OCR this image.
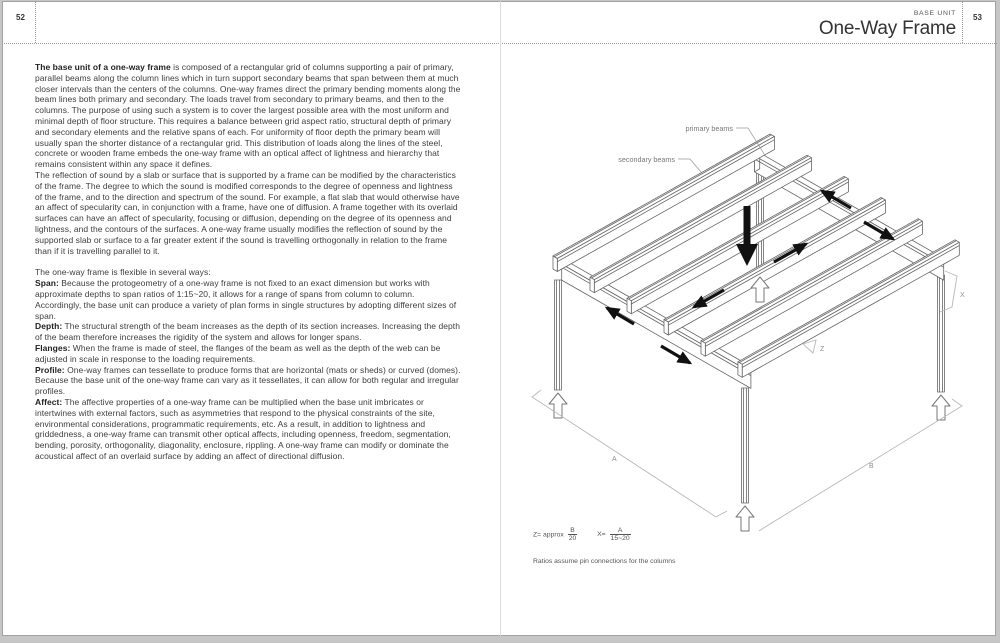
52

The base unit of a one-way frame is composed of a rectangular grid of columns supporting a pair of primary, parallel beams along the column lines which in turn support secondary beams that span between them at much closer intervals than the centers of the columns. One-way frames direct the primary bending moments along the beam lines both primary and secondary. The loads travel from secondary to primary beams, and then to the columns. The purpose of using such a system is to cover the largest possible area with the most uniform and minimal depth of floor structure. This requires a balance between grid aspect ratio, structural depth of primary and secondary elements and the relative spans of each. For uniformity of floor depth the primary beam will usually span the shorter distance of a rectangular grid. This distribution of loads along the lines of the steel, concrete or wooden frame embeds the one-way frame with an optical affect of lightness and hierarchy that remains consistent within any space it defines.

The reflection of sound by a slab or surface that is supported by a frame can be modified by the characteristics of the frame. The degree to which the sound is modified corresponds to the degree of openness and lightness of the frame, and to the direction and spectrum of the sound. For example, a flat slab that would otherwise have an affect of specularity can, in conjunction with a frame, have one of diffusion. A frame together with its overlaid surfaces can have an affect of specularity, focusing or diffusion, depending on the degree of its openness and lightness, and the contours of the surfaces. A one-way frame usually modifies the reflection of sound by the supported slab or surface to a far greater extent if the sound is travelling orthogonally in relation to the frame than if it is travelling parallel to it.

The one-way frame is flexible in several ways:

Span: Because the protogeometry of a one-way frame is not fixed to an exact dimension but works with approximate depths to span ratios of 1:15~20, it allows for a range of spans from column to column. Accordingly, the base unit can produce a variety of plan forms in single structures by adopting different sizes of span.

Depth: The structural strength of the beam increases as the depth of its section increases. Increasing the depth of the beam therefore increases the rigidity of the system and allows for longer spans.

Flanges: When the frame is made of steel, the flanges of the beam as well as the depth of the web can be adjusted in scale in response to the loading requirements.

Profile: One-way frames can tessellate to produce forms that are horizontal (mats or sheds) or curved (domes). Because the base unit of the one-way frame can vary as it tessellates, it can allow for both regular and irregular profiles.

Affect: The affective properties of a one-way frame can be multiplied when the base unit imbricates or intertwines with external factors, such as asymmetries that respond to the physical constraints of the site, environmental considerations, programmatic requirements, etc. As a result, in addition to lightness and griddedness, a one-way frame can transmit other optical affects, including openness, freedom, segmentation, bending, porosity, orthogonality, diagonality, enclosure, rippling. A one-way frame can modify or dominate the acoustical affect of an overlaid surface by adding an affect of directional diffusion.

BASE UNIT
One-Way Frame
53
A
B
X
Z
primary beams
secondary beams
Z= approx $\frac{B}{20}$	$X= \frac{A}{15\sim 20}$
Ratios assume pin connections for the columns
